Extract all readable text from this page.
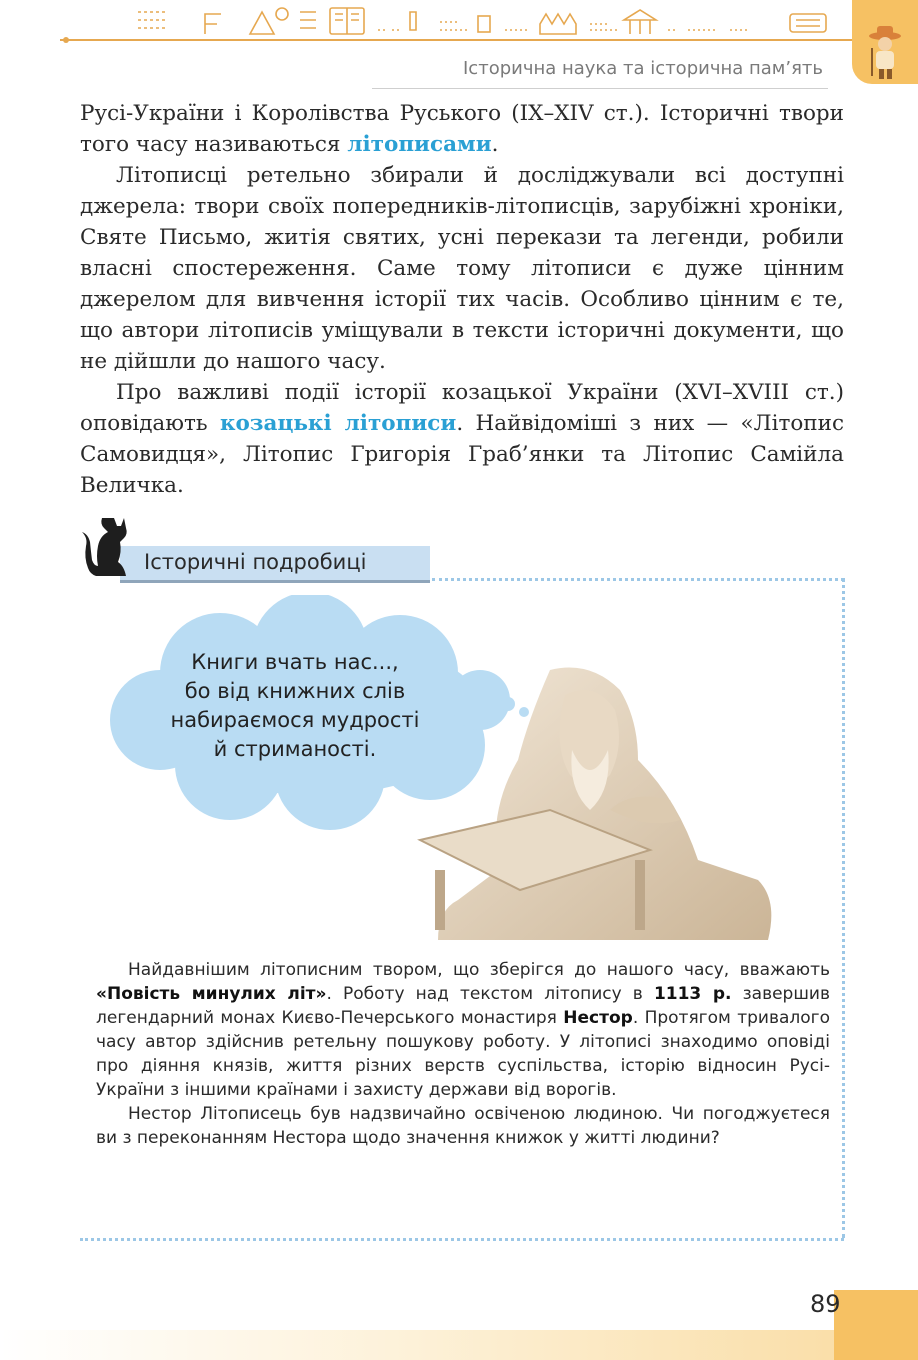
Історична наука та історична пам’ять

Русі-України і Королівства Руського (IX–XIV ст.). Історичні твори того часу називаються літописами.

Літописці ретельно збирали й досліджували всі доступні джерела: твори своїх попередників-літописців, зарубіжні хроніки, Святе Письмо, житія святих, усні перекази та легенди, робили власні спостереження. Саме тому літописи є дуже цінним джерелом для вивчення історії тих часів. Особливо цінним є те, що автори літописів уміщували в тексти історичні документи, що не дійшли до нашого часу.

Про важливі події історії козацької України (XVI–XVIII ст.) оповідають козацькі літописи. Найвідоміші з них — «Літопис Самовидця», Літопис Григорія Граб’янки та Літопис Самійла Величка.

Історичні подробиці
Книги вчать нас...,
бо від книжних слів
набираємося мудрості
й стриманості.

Найдавнішим літописним твором, що зберігся до нашого часу, вважають «Повість минулих літ». Роботу над текстом літопису в 1113 р. завершив легендарний монах Києво-Печерського монастиря Нестор. Протягом тривалого часу автор здійснив ретельну пошукову роботу. У літописі знаходимо оповіді про діяння князів, життя різних верств суспільства, історію відносин Русі-України з іншими країнами і захисту держави від ворогів.

Нестор Літописець був надзвичайно освіченою людиною. Чи погоджуєтеся ви з переконанням Нестора щодо значення книжок у житті людини?

89
